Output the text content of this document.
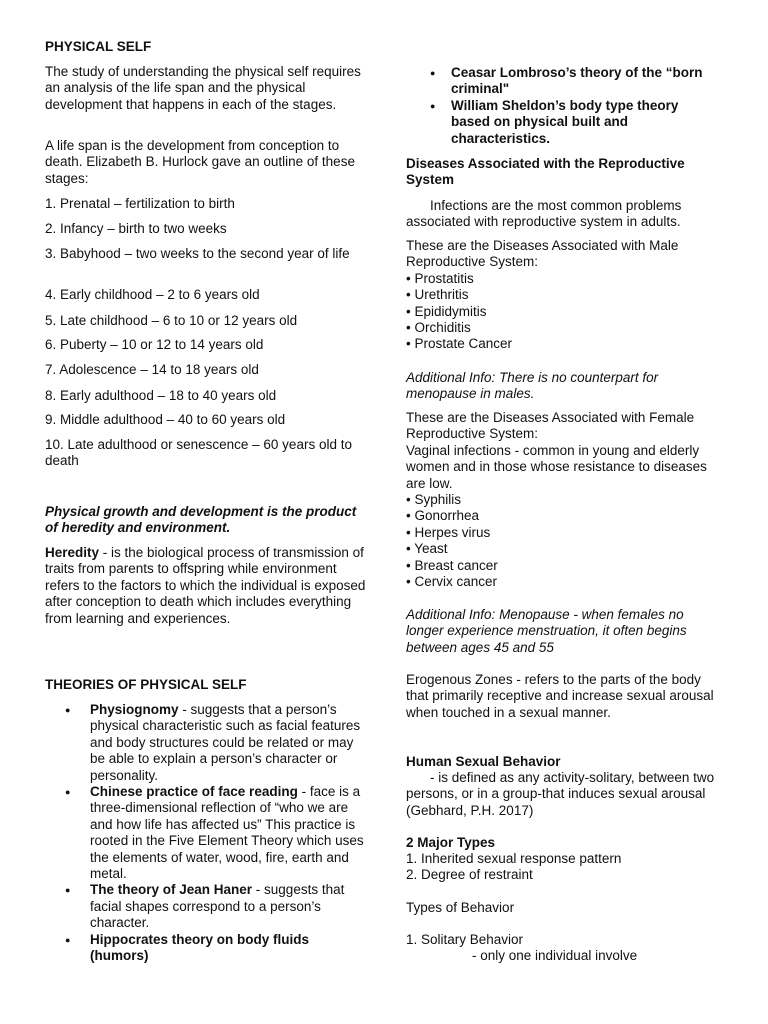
PHYSICAL SELF

The study of understanding the physical self requires an analysis of the life span and the physical development that happens in each of the stages.

A life span is the development from conception to death. Elizabeth B. Hurlock gave an outline of these stages:

1. Prenatal – fertilization to birth

2. Infancy – birth to two weeks

3. Babyhood – two weeks to the second year of life

4. Early childhood – 2 to 6 years old

5. Late childhood – 6 to 10 or 12 years old

6. Puberty – 10 or 12 to 14 years old

7. Adolescence – 14 to 18 years old

8. Early adulthood – 18 to 40 years old

9. Middle adulthood – 40 to 60 years old

10. Late adulthood or senescence – 60 years old to death

Physical growth and development is the product of heredity and environment.

Heredity - is the biological process of transmission of traits from parents to offspring while environment refers to the factors to which the individual is exposed after conception to death which includes everything from learning and experiences.

THEORIES OF PHYSICAL SELF

● Physiognomy - suggests that a person’s physical characteristic such as facial features and body structures could be related or may be able to explain a person’s character or personality.
● Chinese practice of face reading - face is a three-dimensional reflection of “who we are and how life has affected us” This practice is rooted in the Five Element Theory which uses the elements of water, wood, fire, earth and metal.
● The theory of Jean Haner - suggests that facial shapes correspond to a person’s character.
● Hippocrates theory on body fluids (humors)
● Ceasar Lombroso’s theory of the “born criminal"
● William Sheldon’s body type theory based on physical built and characteristics.

Diseases Associated with the Reproductive System

Infections are the most common problems associated with reproductive system in adults.

These are the Diseases Associated with Male Reproductive System:

• Prostatitis

• Urethritis

• Epididymitis

• Orchiditis

• Prostate Cancer

Additional Info: There is no counterpart for menopause in males.

These are the Diseases Associated with Female Reproductive System:

Vaginal infections - common in young and elderly women and in those whose resistance to diseases are low.

• Syphilis

• Gonorrhea

• Herpes virus

• Yeast

• Breast cancer

• Cervix cancer

Additional Info: Menopause - when females no longer experience menstruation, it often begins between ages 45 and 55

Erogenous Zones - refers to the parts of the body that primarily receptive and increase sexual arousal when touched in a sexual manner.

Human Sexual Behavior

- is defined as any activity-solitary, between two persons, or in a group-that induces sexual arousal (Gebhard, P.H. 2017)

2 Major Types

1. Inherited sexual response pattern

2. Degree of restraint

Types of Behavior

1. Solitary Behavior

- only one individual involve
